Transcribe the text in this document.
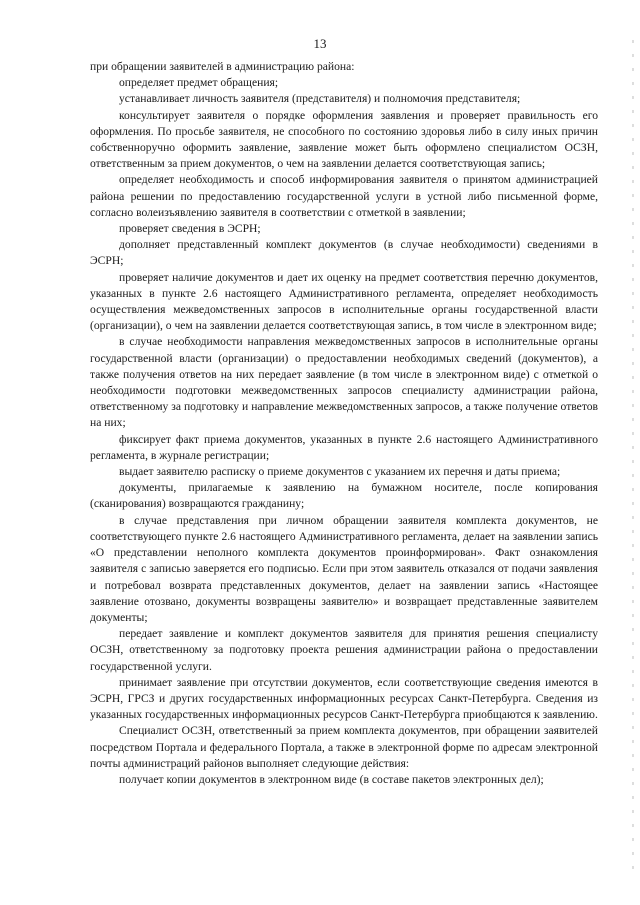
13

при обращении заявителей в администрацию района:

определяет предмет обращения;

устанавливает личность заявителя (представителя) и полномочия представителя;

консультирует заявителя о порядке оформления заявления и проверяет правильность его оформления. По просьбе заявителя, не способного по состоянию здоровья либо в силу иных причин собственноручно оформить заявление, заявление может быть оформлено специалистом ОСЗН, ответственным за прием документов, о чем на заявлении делается соответствующая запись;

определяет необходимость и способ информирования заявителя о принятом администрацией района решении по предоставлению государственной услуги в устной либо письменной форме, согласно волеизъявлению заявителя в соответствии с отметкой в заявлении;

проверяет сведения в ЭСРН;

дополняет представленный комплект документов (в случае необходимости) сведениями в ЭСРН;

проверяет наличие документов и дает их оценку на предмет соответствия перечню документов, указанных в пункте 2.6 настоящего Административного регламента, определяет необходимость осуществления межведомственных запросов в исполнительные органы государственной власти (организации), о чем на заявлении делается соответствующая запись, в том числе в электронном виде;

в случае необходимости направления межведомственных запросов в исполнительные органы государственной власти (организации) о предоставлении необходимых сведений (документов), а также получения ответов на них передает заявление (в том числе в электронном виде) с отметкой о необходимости подготовки межведомственных запросов специалисту администрации района, ответственному за подготовку и направление межведомственных запросов, а также получение ответов на них;

фиксирует факт приема документов, указанных в пункте 2.6 настоящего Административного регламента, в журнале регистрации;

выдает заявителю расписку о приеме документов с указанием их перечня и даты приема;

документы, прилагаемые к заявлению на бумажном носителе, после копирования (сканирования) возвращаются гражданину;

в случае представления при личном обращении заявителя комплекта документов, не соответствующего пункте 2.6 настоящего Административного регламента, делает на заявлении запись «О представлении неполного комплекта документов проинформирован». Факт ознакомления заявителя с записью заверяется его подписью. Если при этом заявитель отказался от подачи заявления и потребовал возврата представленных документов, делает на заявлении запись «Настоящее заявление отозвано, документы возвращены заявителю» и возвращает представленные заявителем документы;

передает заявление и комплект документов заявителя для принятия решения специалисту ОСЗН, ответственному за подготовку проекта решения администрации района о предоставлении государственной услуги.

принимает заявление при отсутствии документов, если соответствующие сведения имеются в ЭСРН, ГРСЗ и других государственных информационных ресурсах Санкт-Петербурга. Сведения из указанных государственных информационных ресурсов Санкт-Петербурга приобщаются к заявлению.

Специалист ОСЗН, ответственный за прием комплекта документов, при обращении заявителей посредством Портала и федерального Портала, а также в электронной форме по адресам электронной почты администраций районов выполняет следующие действия:

получает копии документов в электронном виде (в составе пакетов электронных дел);
